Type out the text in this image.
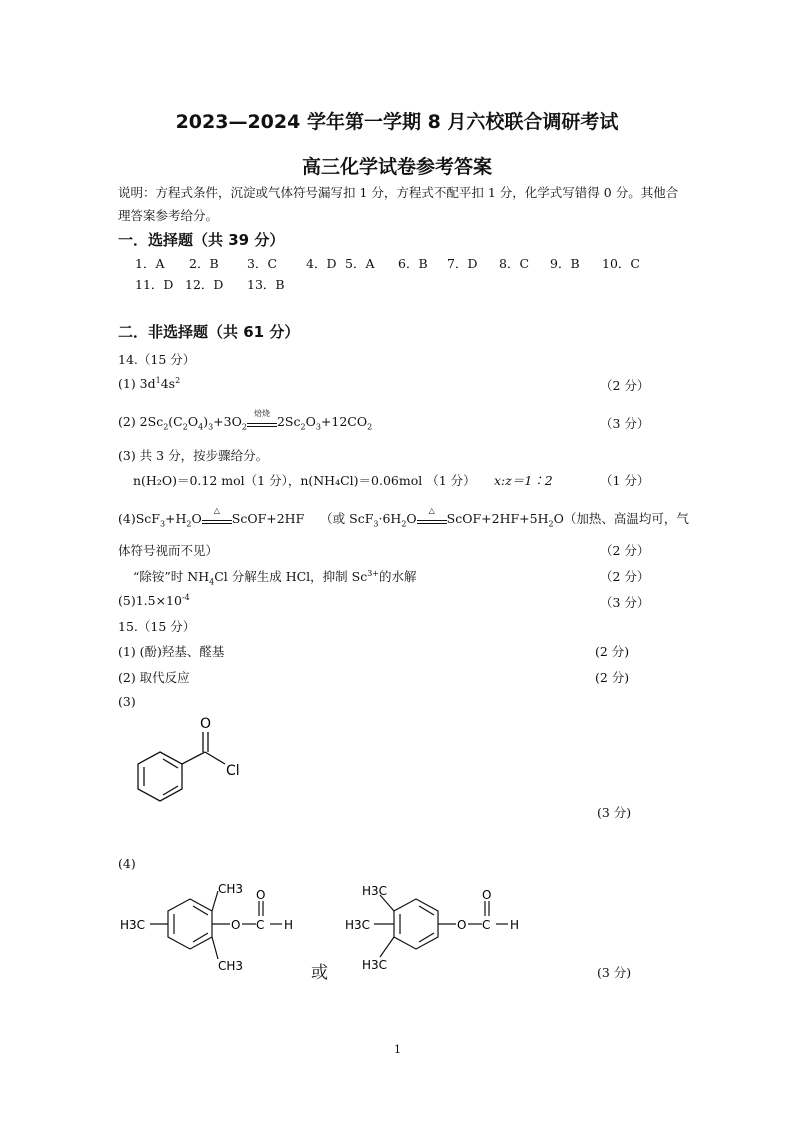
2023—2024 学年第一学期 8 月六校联合调研考试
高三化学试卷参考答案
说明：方程式条件，沉淀或气体符号漏写扣 1 分，方程式不配平扣 1 分，化学式写错得 0 分。其他合理答案参考给分。
一．选择题（共 39 分）
1．A 2．B 3．C 4．D 5．A 6．B 7．D 8．C 9．B 10．C
11．D 12．D 13．B
二．非选择题（共 61 分）
14.（15 分）
(1) $3d^14s^2$	（2 分）
(2) $2Sc_2(C_2O_4)_3+3O_2$
焙烧
$2Sc_2O_3+12CO_2$	（3 分）
(3) 共 3 分，按步骤给分。
n(H₂O)＝0.12 mol（1 分），n(NH₄Cl)＝0.06mol （1 分） x:z＝1∶2	（1 分）
$(4)ScF_3+H_2O$
△
ScOF+2HF （或 $ScF_3\cdot 6H_2O$
△
$ScOF+2HF+5H_2O$（加热、高温均可，气
体符号视而不见）	（2 分）
“除铵”时 $NH_4Cl$ 分解生成 HCl，抑制 $Sc^{3+}$的水解	（2 分）
$(5)1.5\times 10^{-4}$	（3 分）
15.（15 分）
(1) (酚)羟基、醛基	(2 分)
(2) 取代反应	(2 分)
(3)
O
Cl
(3 分)
(4)
CH3
CH3
H3C	O C H
O
或
H3C
H3C
H3C
O C H
O
(3 分)
1
